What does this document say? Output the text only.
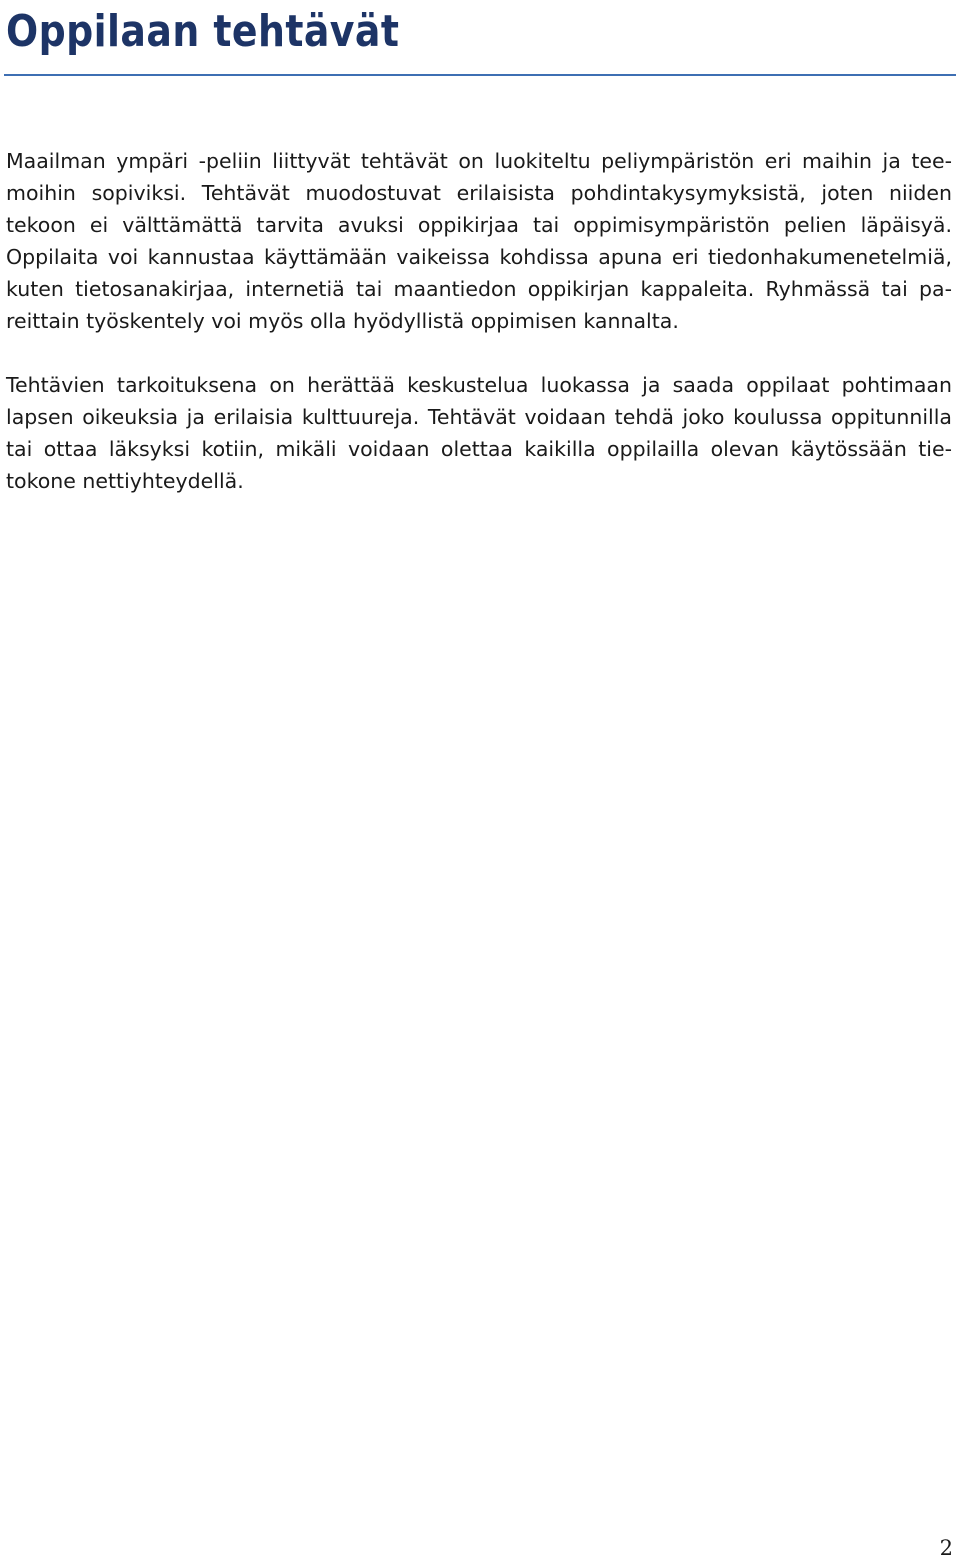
Oppilaan tehtävät

Maailman ympäri -peliin liittyvät tehtävät on luokiteltu peliympäristön eri maihin ja teemoihin sopiviksi. Tehtävät muodostuvat erilaisista pohdintakysymyksistä, joten niiden tekoon ei välttämättä tarvita avuksi oppikirjaa tai oppimisympäristön pelien läpäisyä. Oppilaita voi kannustaa käyttämään vaikeissa kohdissa apuna eri tiedonhakumenetelmiä, kuten tietosanakirjaa, internetiä tai maantiedon oppikirjan kappaleita. Ryhmässä tai pareittain työskentely voi myös olla hyödyllistä oppimisen kannalta.

Tehtävien tarkoituksena on herättää keskustelua luokassa ja saada oppilaat pohtimaan lapsen oikeuksia ja erilaisia kulttuureja. Tehtävät voidaan tehdä joko koulussa oppitunnilla tai ottaa läksyksi kotiin, mikäli voidaan olettaa kaikilla oppilailla olevan käytössään tietokone nettiyhteydellä.

2
